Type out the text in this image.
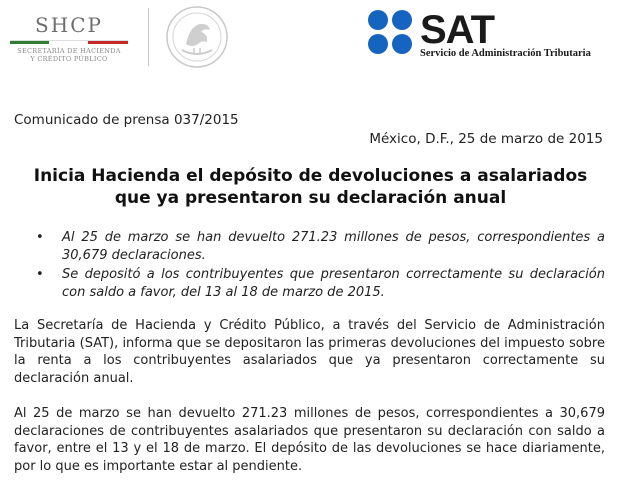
SHCP
SECRETARÍA DE HACIENDA
Y CRÉDITO PÚBLICO
SAT
Servicio de Administración Tributaria
Comunicado de prensa 037/2015
México, D.F., 25 de marzo de 2015
Inicia Hacienda el depósito de devoluciones a asalariados
que ya presentaron su declaración anual
• Al 25 de marzo se han devuelto 271.23 millones de pesos, correspondientes a 30,679 declaraciones.
• Se depositó a los contribuyentes que presentaron correctamente su declaración con saldo a favor, del 13 al 18 de marzo de 2015.

La Secretaría de Hacienda y Crédito Público, a través del Servicio de Administración Tributaria (SAT), informa que se depositaron las primeras devoluciones del impuesto sobre la renta a los contribuyentes asalariados que ya presentaron correctamente su declaración anual.

Al 25 de marzo se han devuelto 271.23 millones de pesos, correspondientes a 30,679 declaraciones de contribuyentes asalariados que presentaron su declaración con saldo a favor, entre el 13 y el 18 de marzo. El depósito de las devoluciones se hace diariamente, por lo que es importante estar al pendiente.
